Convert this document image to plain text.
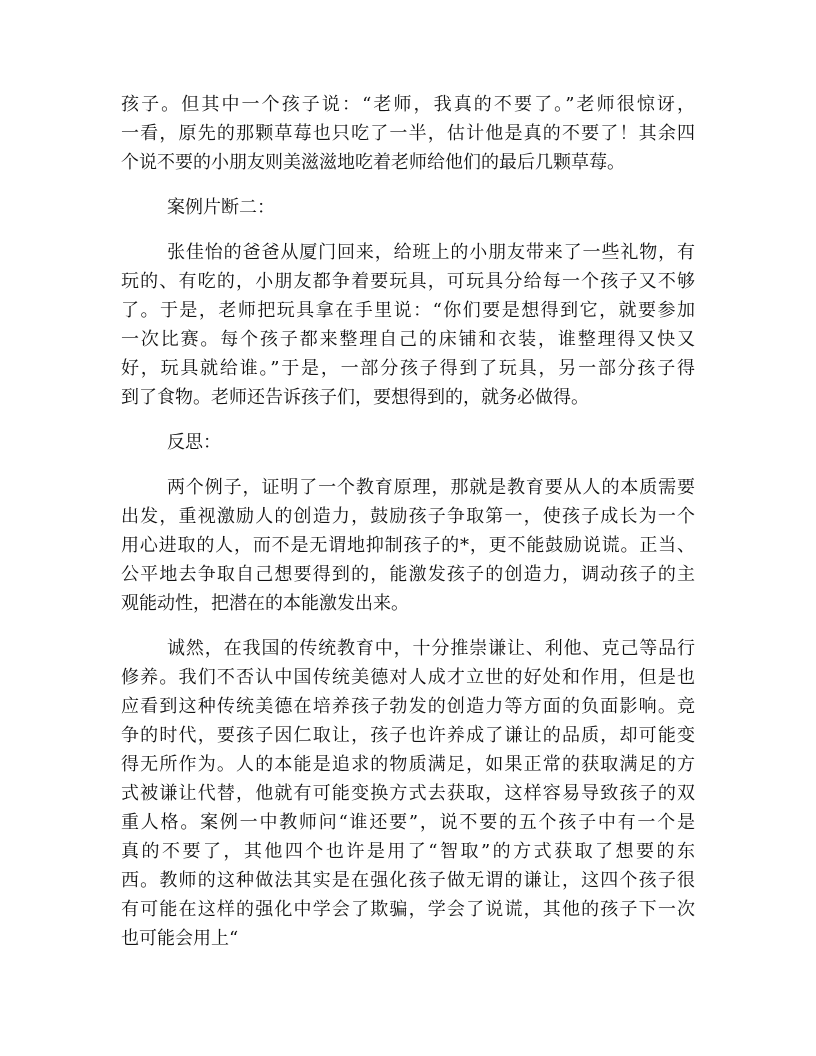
孩子。但其中一个孩子说：“老师，我真的不要了。”老师很惊讶，
一看，原先的那颗草莓也只吃了一半，估计他是真的不要了！其余四
个说不要的小朋友则美滋滋地吃着老师给他们的最后几颗草莓。
案例片断二：
张佳怡的爸爸从厦门回来，给班上的小朋友带来了一些礼物，有
玩的、有吃的，小朋友都争着要玩具，可玩具分给每一个孩子又不够
了。于是，老师把玩具拿在手里说：“你们要是想得到它，就要参加
一次比赛。每个孩子都来整理自己的床铺和衣装，谁整理得又快又
好，玩具就给谁。”于是，一部分孩子得到了玩具，另一部分孩子得
到了食物。老师还告诉孩子们，要想得到的，就务必做得。
反思：
两个例子，证明了一个教育原理，那就是教育要从人的本质需要
出发，重视激励人的创造力，鼓励孩子争取第一，使孩子成长为一个
用心进取的人，而不是无谓地抑制孩子的*，更不能鼓励说谎。正当、
公平地去争取自己想要得到的，能激发孩子的创造力，调动孩子的主
观能动性，把潜在的本能激发出来。
诚然，在我国的传统教育中，十分推崇谦让、利他、克己等品行
修养。我们不否认中国传统美德对人成才立世的好处和作用，但是也
应看到这种传统美德在培养孩子勃发的创造力等方面的负面影响。竞
争的时代，要孩子因仁取让，孩子也许养成了谦让的品质，却可能变
得无所作为。人的本能是追求的物质满足，如果正常的获取满足的方
式被谦让代替，他就有可能变换方式去获取，这样容易导致孩子的双
重人格。案例一中教师问“谁还要”，说不要的五个孩子中有一个是
真的不要了，其他四个也许是用了“智取”的方式获取了想要的东
西。教师的这种做法其实是在强化孩子做无谓的谦让，这四个孩子很
有可能在这样的强化中学会了欺骗，学会了说谎，其他的孩子下一次
也可能会用上“
